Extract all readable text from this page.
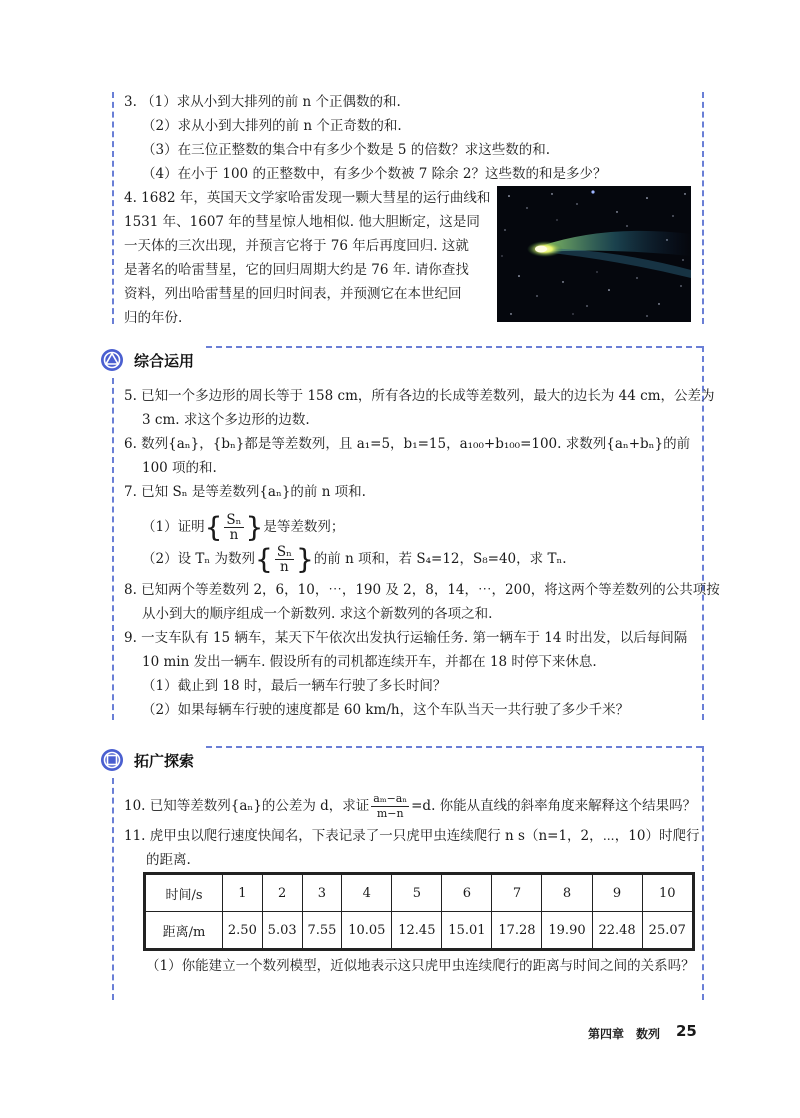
3. （1）求从小到大排列的前 n 个正偶数的和.
（2）求从小到大排列的前 n 个正奇数的和.
（3）在三位正整数的集合中有多少个数是 5 的倍数？求这些数的和.
（4）在小于 100 的正整数中，有多少个数被 7 除余 2？这些数的和是多少？
4. 1682 年，英国天文学家哈雷发现一颗大彗星的运行曲线和
1531 年、1607 年的彗星惊人地相似. 他大胆断定，这是同
一天体的三次出现，并预言它将于 76 年后再度回归. 这就
是著名的哈雷彗星，它的回归周期大约是 76 年. 请你查找
资料，列出哈雷彗星的回归时间表，并预测它在本世纪回
归的年份.
综合运用
5. 已知一个多边形的周长等于 158 cm，所有各边的长成等差数列，最大的边长为 44 cm，公差为
3 cm. 求这个多边形的边数.
6. 数列{aₙ}，{bₙ}都是等差数列，且 a₁=5，b₁=15，a₁₀₀+b₁₀₀=100. 求数列{aₙ+bₙ}的前
100 项的和.
7. 已知 Sₙ 是等差数列{aₙ}的前 n 项和.
（1）证明{ $\frac{\text{Sₙ}}{n}$ }是等差数列；
（2）设 Tₙ 为数列{ $\frac{\text{Sₙ}}{n}$ }的前 n 项和，若 S₄=12，S₈=40，求 Tₙ.
8. 已知两个等差数列 2，6，10，⋯，190 及 2，8，14，⋯，200，将这两个等差数列的公共项按
从小到大的顺序组成一个新数列. 求这个新数列的各项之和.
9. 一支车队有 15 辆车，某天下午依次出发执行运输任务. 第一辆车于 14 时出发，以后每间隔
10 min 发出一辆车. 假设所有的司机都连续开车，并都在 18 时停下来休息.
（1）截止到 18 时，最后一辆车行驶了多长时间？
（2）如果每辆车行驶的速度都是 60 km/h，这个车队当天一共行驶了多少千米？
拓广探索
10. 已知等差数列{aₙ}的公差为 d，求证 $\frac{\text{aₘ−aₙ}}{m-n} =d$. 你能从直线的斜率角度来解释这个结果吗？
11. 虎甲虫以爬行速度快闻名，下表记录了一只虎甲虫连续爬行 n s（n=1，2，⋯，10）时爬行
的距离.
时间/s	1	2	3	4	5	6	7	8	9	10
距离/m	2.50	5.03	7.55	10.05	12.45	15.01	17.28	19.90	22.48	25.07
（1）你能建立一个数列模型，近似地表示这只虎甲虫连续爬行的距离与时间之间的关系吗？
第四章　数列 25
